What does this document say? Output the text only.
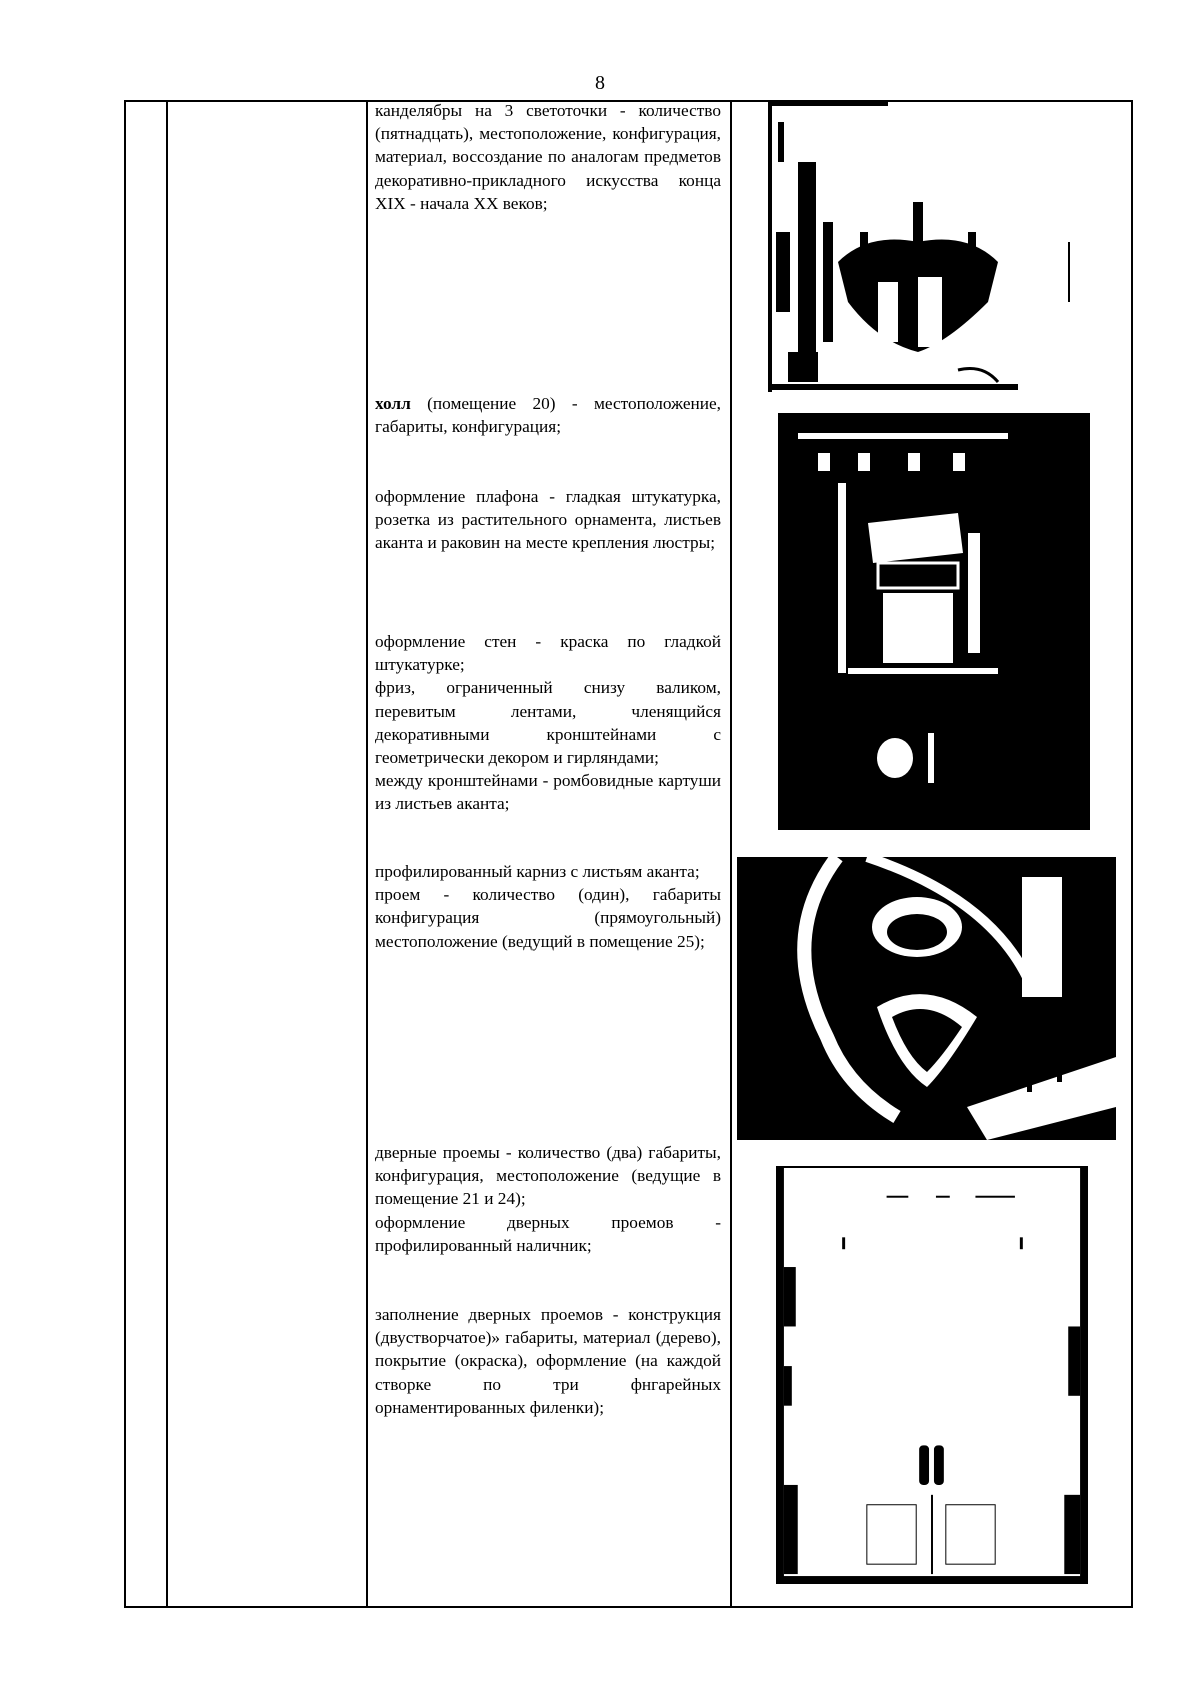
8

канделябры на 3 светоточки - количество (пятнадцать), местоположение, конфигурация, материал, воссоздание по аналогам предметов декоративно-прикладного искусства конца XIX - начала XX веков;

холл (помещение 20) - местоположение, габариты, конфигурация;

оформление плафона - гладкая штукатурка, розетка из растительного орнамента, листьев аканта и раковин на месте крепления люстры;

оформление стен - краска по гладкой штукатурке;

фриз, ограниченный снизу валиком, перевитым лентами, членящийся декоративными кронштейнами с геометрически декором и гирляндами;

между кронштейнами - ромбовидные картуши из листьев аканта;

профилированный карниз с листьям аканта;

проем - количество (один), габариты конфигурация (прямоугольный) местоположение (ведущий в помещение 25);

дверные проемы - количество (два) габариты, конфигурация, местоположение (ведущие в помещение 21 и 24);

оформление дверных проемов - профилированный наличник;

заполнение дверных проемов - конструкция (двустворчатое)» габариты, материал (дерево), покрытие (окраска), оформление (на каждой створке по три фнгарейных орнаментированных филенки);
